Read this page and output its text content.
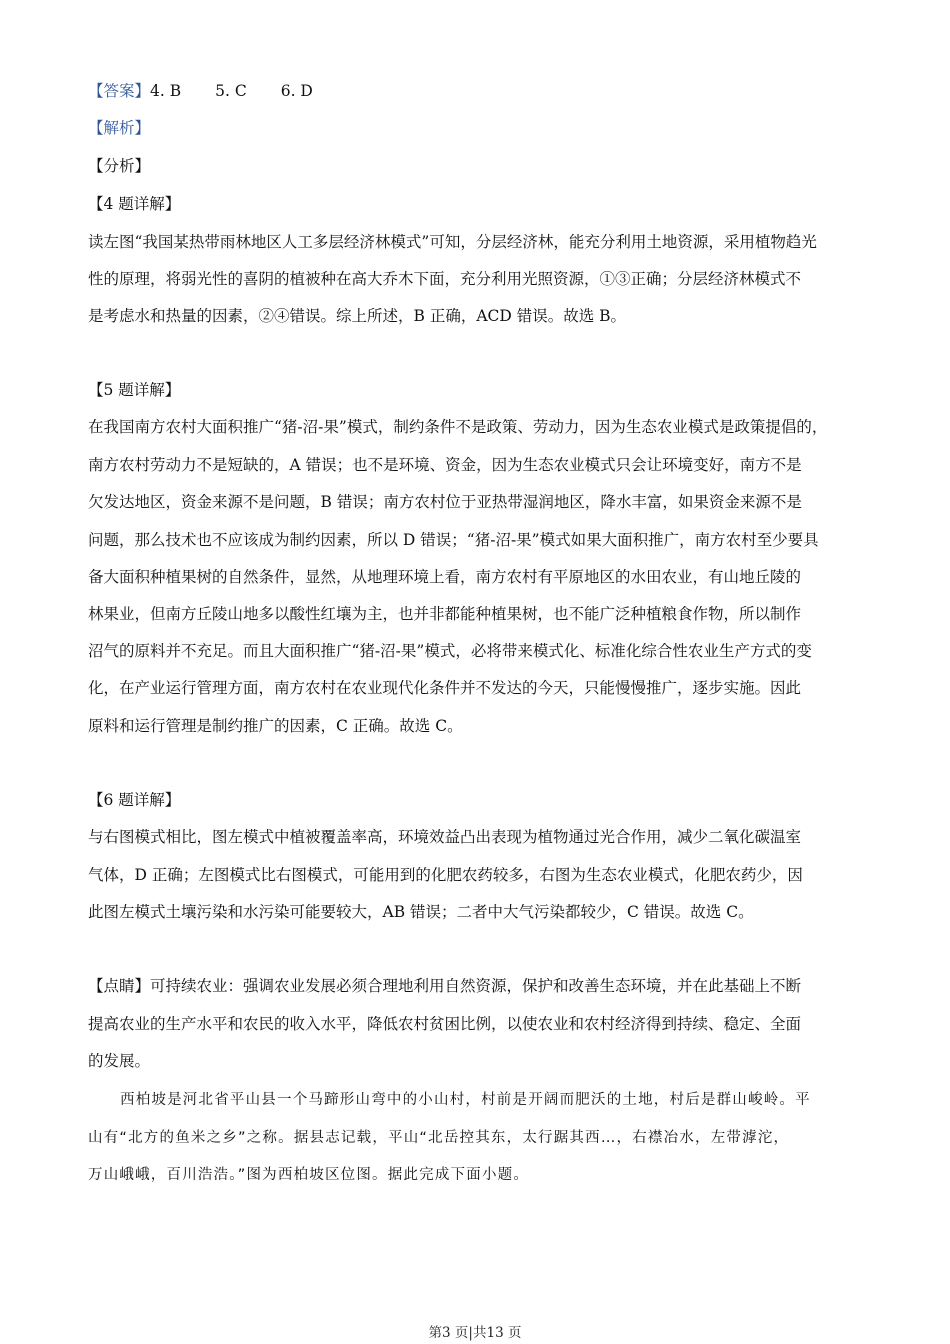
【答案】4. B 5. C 6. D
【解析】
【分析】
【4 题详解】
读左图“我国某热带雨林地区人工多层经济林模式”可知，分层经济林，能充分利用土地资源，采用植物趋光
性的原理，将弱光性的喜阴的植被种在高大乔木下面，充分利用光照资源，①③正确；分层经济林模式不
是考虑水和热量的因素，②④错误。综上所述，B 正确，ACD 错误。故选 B。
【5 题详解】
在我国南方农村大面积推广“猪-沼-果”模式，制约条件不是政策、劳动力，因为生态农业模式是政策提倡的，
南方农村劳动力不是短缺的，A 错误；也不是环境、资金，因为生态农业模式只会让环境变好，南方不是
欠发达地区，资金来源不是问题，B 错误；南方农村位于亚热带湿润地区，降水丰富，如果资金来源不是
问题，那么技术也不应该成为制约因素，所以 D 错误；“猪-沼-果”模式如果大面积推广，南方农村至少要具
备大面积种植果树的自然条件，显然，从地理环境上看，南方农村有平原地区的水田农业，有山地丘陵的
林果业，但南方丘陵山地多以酸性红壤为主，也并非都能种植果树，也不能广泛种植粮食作物，所以制作
沼气的原料并不充足。而且大面积推广“猪-沼-果”模式，必将带来模式化、标准化综合性农业生产方式的变
化，在产业运行管理方面，南方农村在农业现代化条件并不发达的今天，只能慢慢推广，逐步实施。因此
原料和运行管理是制约推广的因素，C 正确。故选 C。
【6 题详解】
与右图模式相比，图左模式中植被覆盖率高，环境效益凸出表现为植物通过光合作用，减少二氧化碳温室
气体，D 正确；左图模式比右图模式，可能用到的化肥农药较多，右图为生态农业模式，化肥农药少，因
此图左模式土壤污染和水污染可能要较大，AB 错误；二者中大气污染都较少，C 错误。故选 C。
【点睛】可持续农业：强调农业发展必须合理地利用自然资源，保护和改善生态环境，并在此基础上不断
提高农业的生产水平和农民的收入水平，降低农村贫困比例，以使农业和农村经济得到持续、稳定、全面
的发展。
西柏坡是河北省平山县一个马蹄形山弯中的小山村，村前是开阔而肥沃的土地，村后是群山峻岭。平
山有“北方的鱼米之乡”之称。据县志记载，平山“北岳控其东，太行踞其西…，右襟冶水，左带滹沱，
万山峨峨，百川浩浩。”图为西柏坡区位图。据此完成下面小题。
第3 页|共13 页
